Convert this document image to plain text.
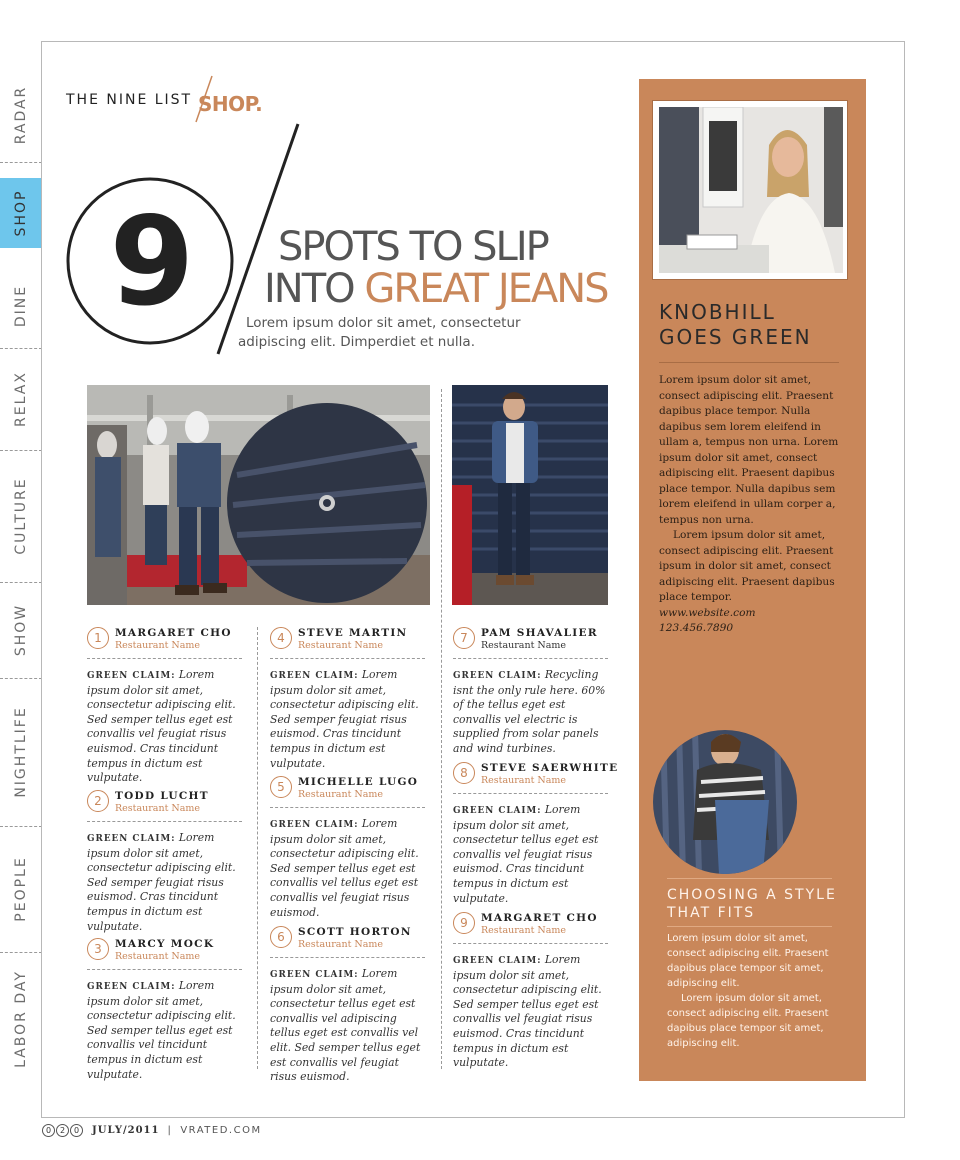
RADAR
SHOP
DINE
RELAX
CULTURE
SHOW
NIGHTLIFE
PEOPLE
LABOR DAY
THE NINE LIST SHOP.
9 SPOTS TO SLIP
INTO GREAT JEANS
Lorem ipsum dolor sit amet, consectetur
adipiscing elit. Dimperdiet et nulla.
1	MARGARET CHO
Restaurant Name
GREEN CLAIM: Lorem ipsum dolor sit amet, consectetur adipiscing elit. Sed semper tellus eget est convallis vel feugiat risus euismod. Cras tincidunt tempus in dictum est vulputate.
2	TODD LUCHT
Restaurant Name
GREEN CLAIM: Lorem ipsum dolor sit amet, consectetur adipiscing elit. Sed semper feugiat risus euismod. Cras tincidunt tempus in dictum est vulputate.
3	MARCY MOCK
Restaurant Name
GREEN CLAIM: Lorem ipsum dolor sit amet, consectetur adipiscing elit. Sed semper tellus eget est convallis vel tincidunt tempus in dictum est vulputate.
4	STEVE MARTIN
Restaurant Name
GREEN CLAIM: Lorem ipsum dolor sit amet, consectetur adipiscing elit. Sed semper feugiat risus euismod. Cras tincidunt tempus in dictum est vulputate.
5	MICHELLE LUGO
Restaurant Name
GREEN CLAIM: Lorem ipsum dolor sit amet, consectetur adipiscing elit. Sed semper tellus eget est convallis vel tellus eget est convallis vel feugiat risus euismod.
6	SCOTT HORTON
Restaurant Name
GREEN CLAIM: Lorem ipsum dolor sit amet, consectetur tellus eget est convallis vel adipiscing tellus eget est convallis vel elit. Sed semper tellus eget est convallis vel feugiat risus euismod.
7	PAM SHAVALIER
Restaurant Name
GREEN CLAIM: Recycling isnt the only rule here. 60% of the tellus eget est convallis vel electric is supplied from solar panels and wind turbines.
8	STEVE SAERWHITE
Restaurant Name
GREEN CLAIM: Lorem ipsum dolor sit amet, consectetur tellus eget est convallis vel feugiat risus euismod. Cras tincidunt tempus in dictum est vulputate.
9	MARGARET CHO
Restaurant Name
GREEN CLAIM: Lorem ipsum dolor sit amet, consectetur adipiscing elit. Sed semper tellus eget est convallis vel feugiat risus euismod. Cras tincidunt tempus in dictum est vulputate.
KNOBHILL
GOES GREEN

Lorem ipsum dolor sit amet, consect adipiscing elit. Praesent dapibus place tempor. Nulla dapibus sem lorem eleifend in ullam a, tempus non urna. Lorem ipsum dolor sit amet, consect adipiscing elit. Praesent dapibus place tempor. Nulla dapibus sem lorem eleifend in ullam corper a, tempus non urna.

Lorem ipsum dolor sit amet, consect adipiscing elit. Praesent ipsum in dolor sit amet, consect adipiscing elit. Praesent dapibus place tempor.

www.website.com

123.456.7890

CHOOSING A STYLE
THAT FITS

Lorem ipsum dolor sit amet, consect adipiscing elit. Praesent dapibus place tempor sit amet, adipiscing elit.

Lorem ipsum dolor sit amet, consect adipiscing elit. Praesent dapibus place tempor sit amet, adipiscing elit.

0	2	0	JULY/2011 | VRATED.COM
